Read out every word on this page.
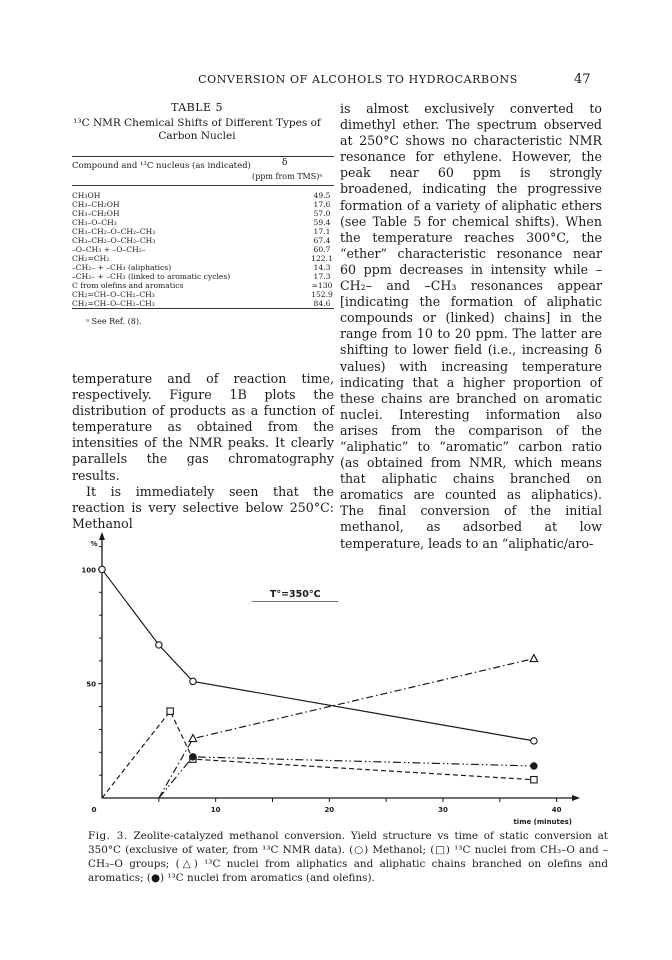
CONVERSION OF ALCOHOLS TO HYDROCARBONS	47
TABLE 5
¹³C NMR Chemical Shifts of Different Types of Carbon Nuclei
Compound and ¹³C nucleus (as indicated)	δ
(ppm from TMS)ᵃ
CH₃OH	49.5
CH₃–CH₂OH	17.6
CH₃–CH₂OH	57.0
CH₃–O–CH₃	59.4
CH₃–CH₂–O–CH₂–CH₃	17.1
CH₃–CH₂–O–CH₂–CH₃	67.4
–O–CH₃ + –O–CH₂–	60.7
CH₂=CH₂	122.1
–CH₂– + –CH₃ (aliphatics)	14.3
–CH₂– + –CH₃ (linked to aromatic cycles)	17.3
C from olefins and aromatics	≃130
CH₂=CH–O–CH₂–CH₃	152.9
CH₂=CH–O–CH₂–CH₃	84.6
ᵃ See Ref. (8).

is almost exclusively converted to dimethyl ether. The spectrum observed at 250°C shows no characteristic NMR resonance for ethylene. However, the peak near 60 ppm is strongly broadened, indicating the progressive formation of a variety of aliphatic ethers (see Table 5 for chemical shifts). When the temperature reaches 300°C, the “ether” characteristic resonance near 60 ppm decreases in intensity while –CH₂– and –CH₃ resonances appear [indicating the formation of aliphatic compounds or (linked) chains] in the range from 10 to 20 ppm. The latter are shifting to lower field (i.e., increasing δ values) with increasing temperature indicating that a higher proportion of these chains are branched on aromatic nuclei. Interesting information also arises from the comparison of the “aliphatic” to “aromatic” carbon ratio (as obtained from NMR, which means that aliphatic chains branched on aromatics are counted as aliphatics). The final conversion of the initial methanol, as adsorbed at low temperature, leads to an “aliphatic/aro-

temperature and of reaction time, respectively. Figure 1B plots the distribution of products as a function of temperature as obtained from the intensities of the NMR peaks. It clearly parallels the gas chromatography results.

It is immediately seen that the reaction is very selective below 250°C: Methanol

0	10	20	30	40
100
50
%
time (minutes)
T°=350°C
Fig. 3. Zeolite-catalyzed methanol conversion. Yield structure vs time of static conversion at 350°C (exclusive of water, from ¹³C NMR data). (○) Methanol; (□) ¹³C nuclei from CH₃–O and –CH₃–O groups; (△) ¹³C nuclei from aliphatics and aliphatic chains branched on olefins and aromatics; (●) ¹³C nuclei from aromatics (and olefins).
